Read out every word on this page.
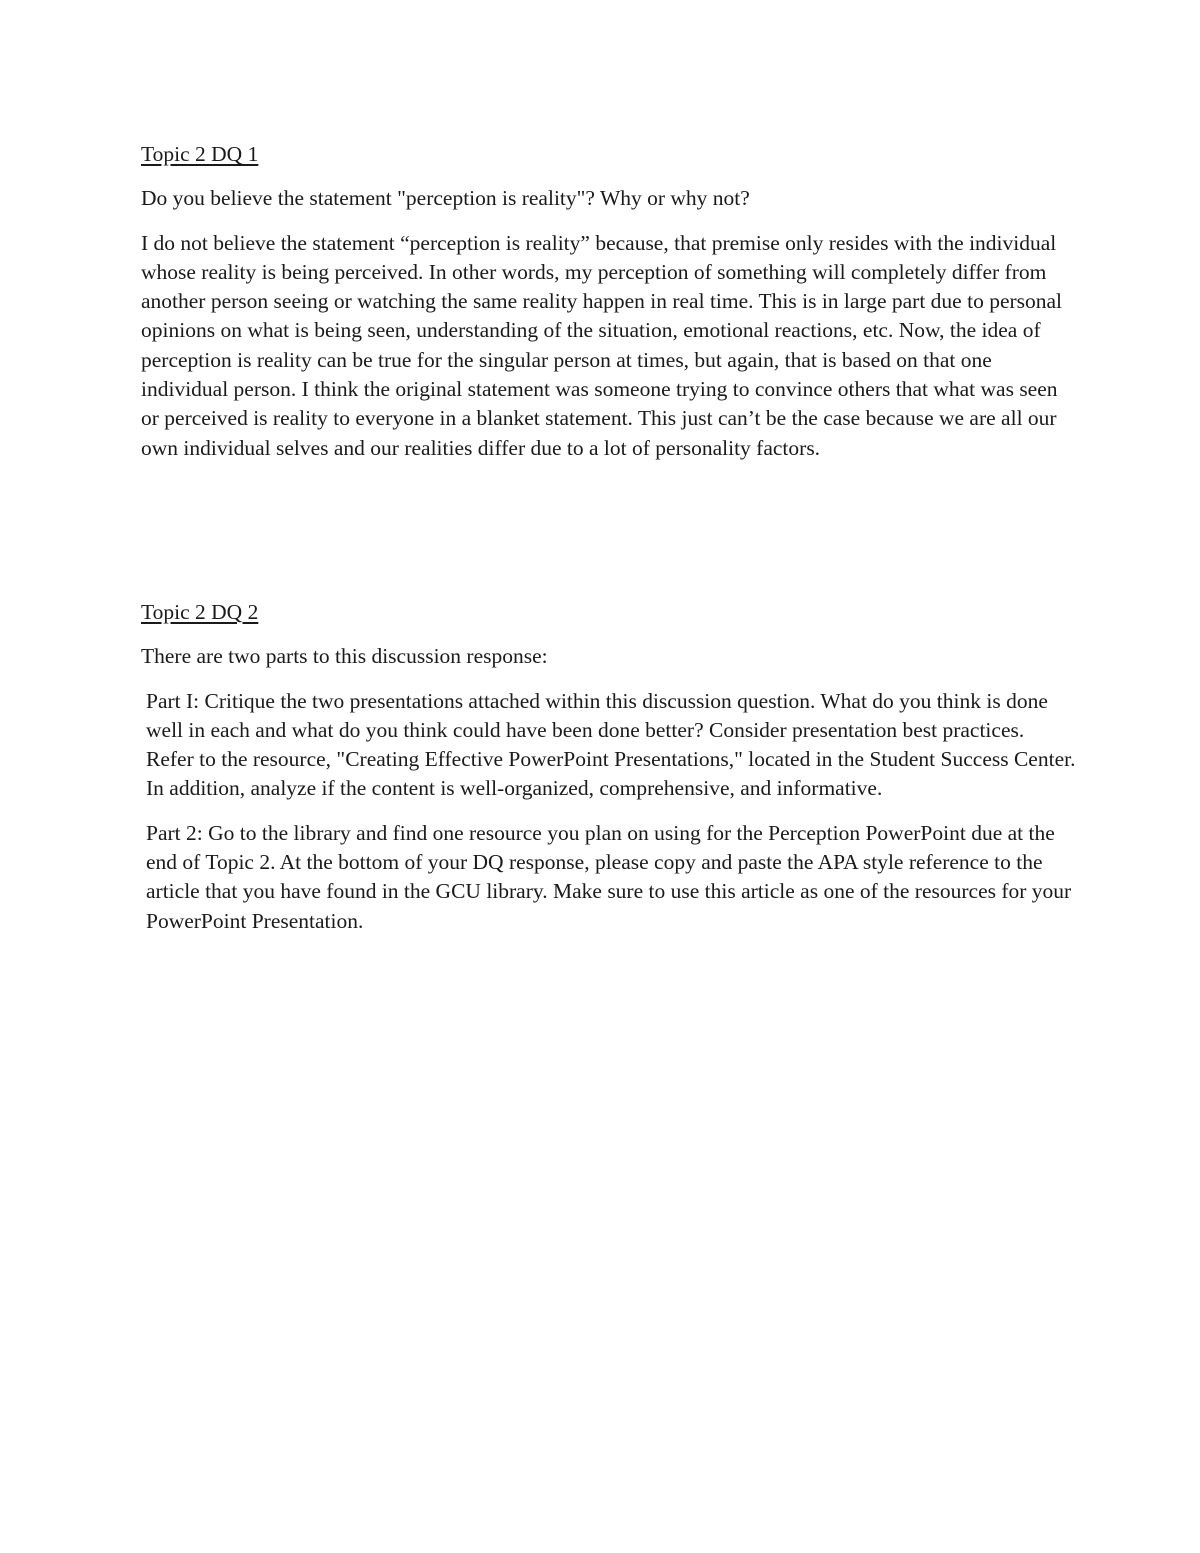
Topic 2 DQ 1

Do you believe the statement "perception is reality"? Why or why not?

I do not believe the statement “perception is reality” because, that premise only resides with the individual whose reality is being perceived. In other words, my perception of something will completely differ from another person seeing or watching the same reality happen in real time. This is in large part due to personal opinions on what is being seen, understanding of the situation, emotional reactions, etc. Now, the idea of perception is reality can be true for the singular person at times, but again, that is based on that one individual person. I think the original statement was someone trying to convince others that what was seen or perceived is reality to everyone in a blanket statement. This just can’t be the case because we are all our own individual selves and our realities differ due to a lot of personality factors.

Topic 2 DQ 2

There are two parts to this discussion response:

Part I: Critique the two presentations attached within this discussion question. What do you think is done well in each and what do you think could have been done better? Consider presentation best practices. Refer to the resource, "Creating Effective PowerPoint Presentations," located in the Student Success Center. In addition, analyze if the content is well-organized, comprehensive, and informative.

Part 2: Go to the library and find one resource you plan on using for the Perception PowerPoint due at the end of Topic 2. At the bottom of your DQ response, please copy and paste the APA style reference to the article that you have found in the GCU library. Make sure to use this article as one of the resources for your PowerPoint Presentation.
